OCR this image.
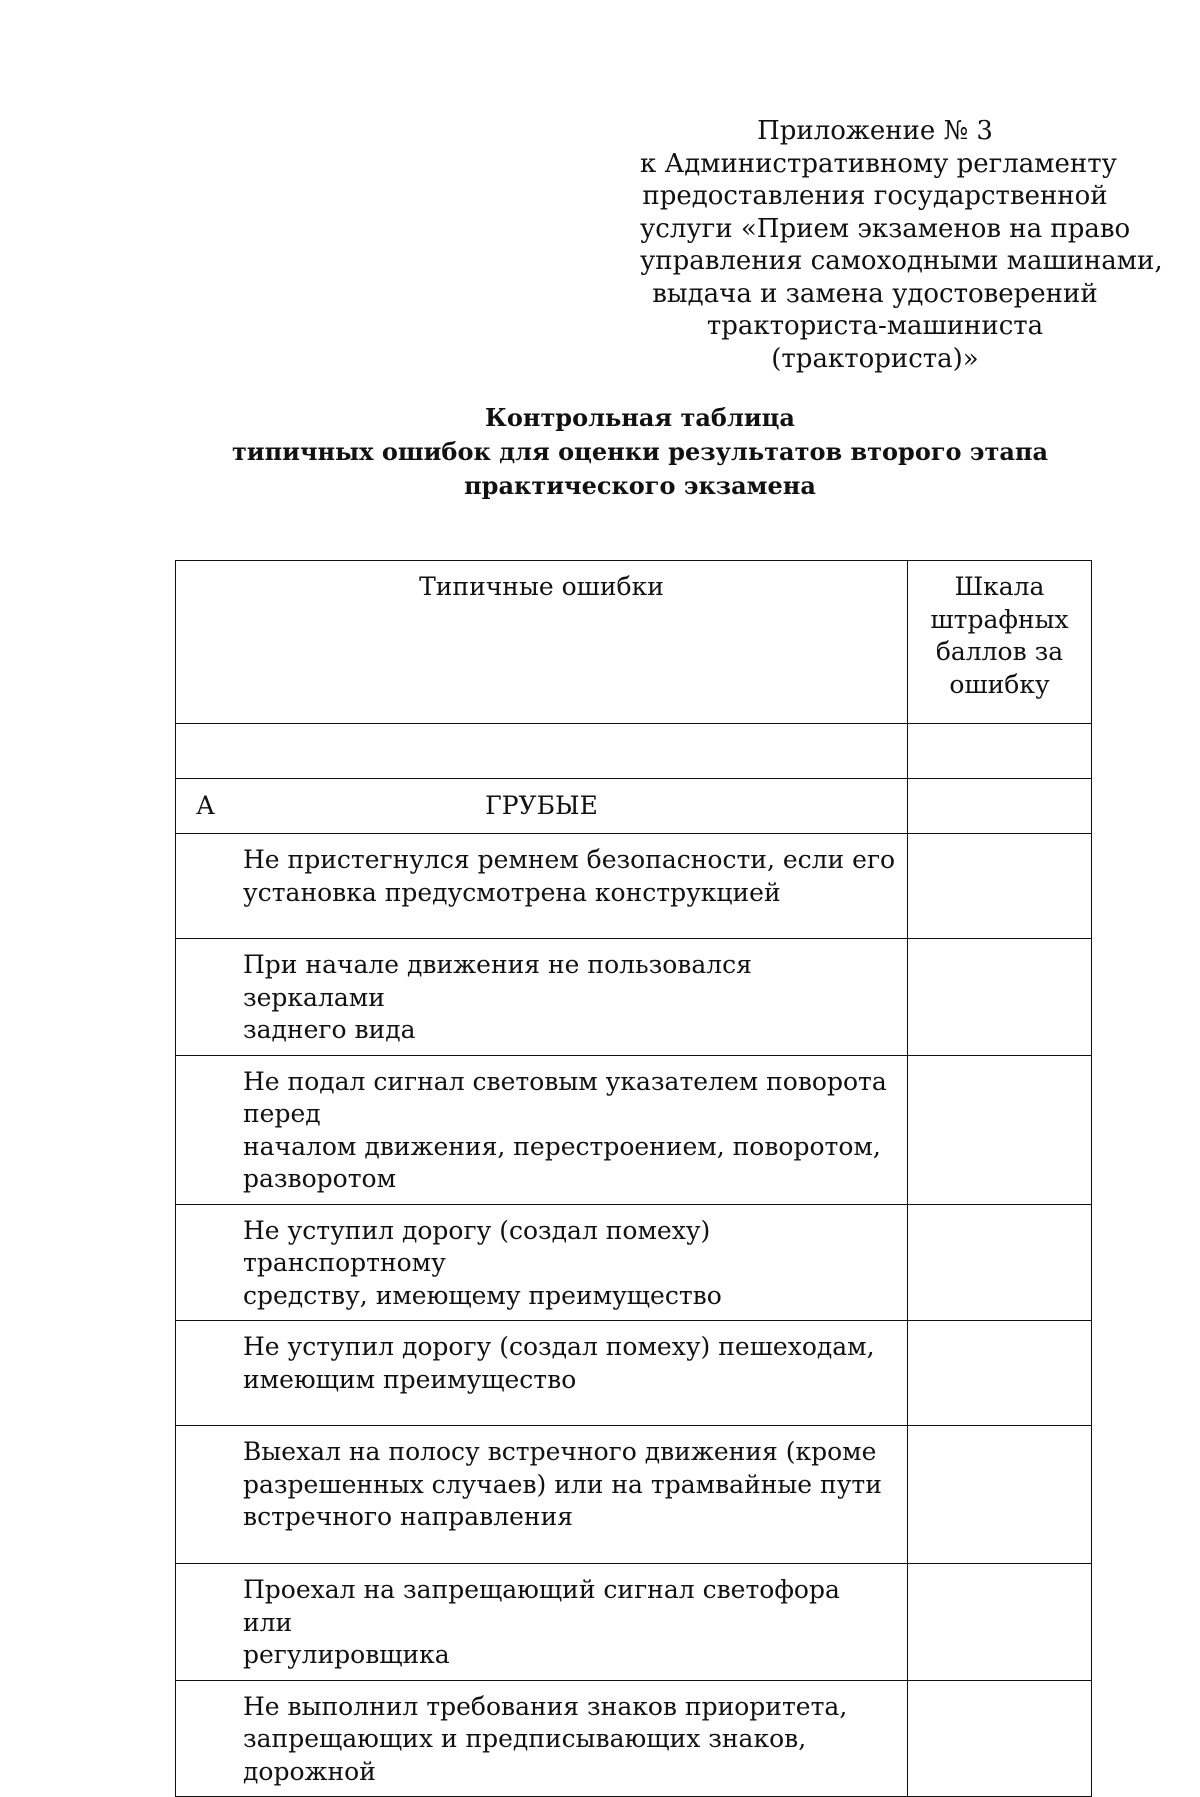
Приложение № 3
к Административному регламенту
предоставления государственной
услуги «Прием экзаменов на право
управления самоходными машинами,
выдача и замена удостоверений
тракториста-машиниста
(тракториста)»
Контрольная таблица
типичных ошибок для оценки результатов второго этапа
практического экзамена
Типичные ошибки	Шкала
штрафных
баллов за
ошибку

А ГРУБЫЕ	

Не пристегнулся ремнем безопасности, если его
установка предусмотрена конструкцией	

При начале движения не пользовался зеркалами
заднего вида	

Не подал сигнал световым указателем поворота перед
началом движения, перестроением, поворотом,
разворотом	

Не уступил дорогу (создал помеху) транспортному
средству, имеющему преимущество	

Не уступил дорогу (создал помеху) пешеходам,
имеющим преимущество	

Выехал на полосу встречного движения (кроме
разрешенных случаев) или на трамвайные пути
встречного направления	

Проехал на запрещающий сигнал светофора или
регулировщика	

Не выполнил требования знаков приоритета,
запрещающих и предписывающих знаков, дорожной	
